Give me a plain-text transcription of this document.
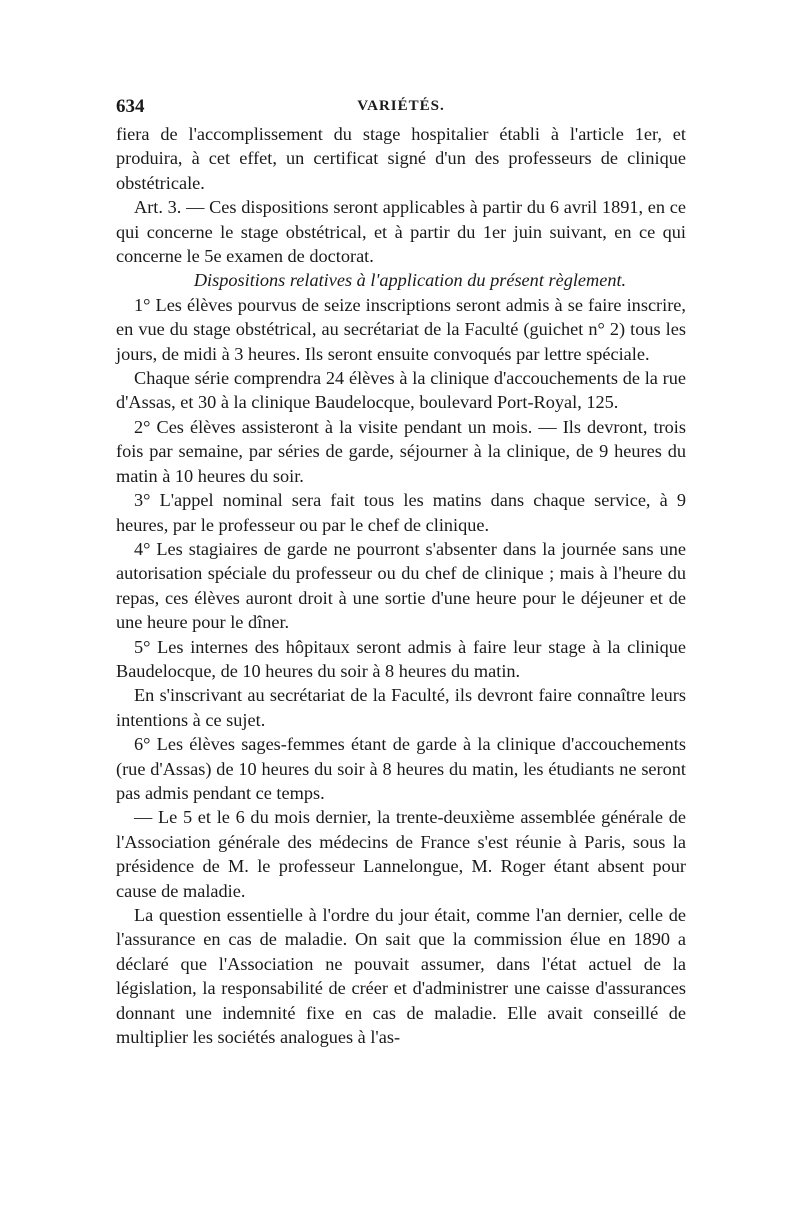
634	VARIÉTÉS.

fiera de l'accomplissement du stage hospitalier établi à l'article 1er, et produira, à cet effet, un certificat signé d'un des professeurs de clinique obstétricale.

Art. 3. — Ces dispositions seront applicables à partir du 6 avril 1891, en ce qui concerne le stage obstétrical, et à partir du 1er juin suivant, en ce qui concerne le 5e examen de doctorat.

Dispositions relatives à l'application du présent règlement.

1° Les élèves pourvus de seize inscriptions seront admis à se faire inscrire, en vue du stage obstétrical, au secrétariat de la Faculté (guichet n° 2) tous les jours, de midi à 3 heures. Ils seront ensuite convoqués par lettre spéciale.

Chaque série comprendra 24 élèves à la clinique d'accouchements de la rue d'Assas, et 30 à la clinique Baudelocque, boulevard Port-Royal, 125.

2° Ces élèves assisteront à la visite pendant un mois. — Ils devront, trois fois par semaine, par séries de garde, séjourner à la clinique, de 9 heures du matin à 10 heures du soir.

3° L'appel nominal sera fait tous les matins dans chaque service, à 9 heures, par le professeur ou par le chef de clinique.

4° Les stagiaires de garde ne pourront s'absenter dans la journée sans une autorisation spéciale du professeur ou du chef de clinique ; mais à l'heure du repas, ces élèves auront droit à une sortie d'une heure pour le déjeuner et de une heure pour le dîner.

5° Les internes des hôpitaux seront admis à faire leur stage à la clinique Baudelocque, de 10 heures du soir à 8 heures du matin.

En s'inscrivant au secrétariat de la Faculté, ils devront faire connaître leurs intentions à ce sujet.

6° Les élèves sages-femmes étant de garde à la clinique d'accouchements (rue d'Assas) de 10 heures du soir à 8 heures du matin, les étudiants ne seront pas admis pendant ce temps.

— Le 5 et le 6 du mois dernier, la trente-deuxième assemblée générale de l'Association générale des médecins de France s'est réunie à Paris, sous la présidence de M. le professeur Lannelongue, M. Roger étant absent pour cause de maladie.

La question essentielle à l'ordre du jour était, comme l'an dernier, celle de l'assurance en cas de maladie. On sait que la commission élue en 1890 a déclaré que l'Association ne pouvait assumer, dans l'état actuel de la législation, la responsabilité de créer et d'administrer une caisse d'assurances donnant une indemnité fixe en cas de maladie. Elle avait conseillé de multiplier les sociétés analogues à l'as-
